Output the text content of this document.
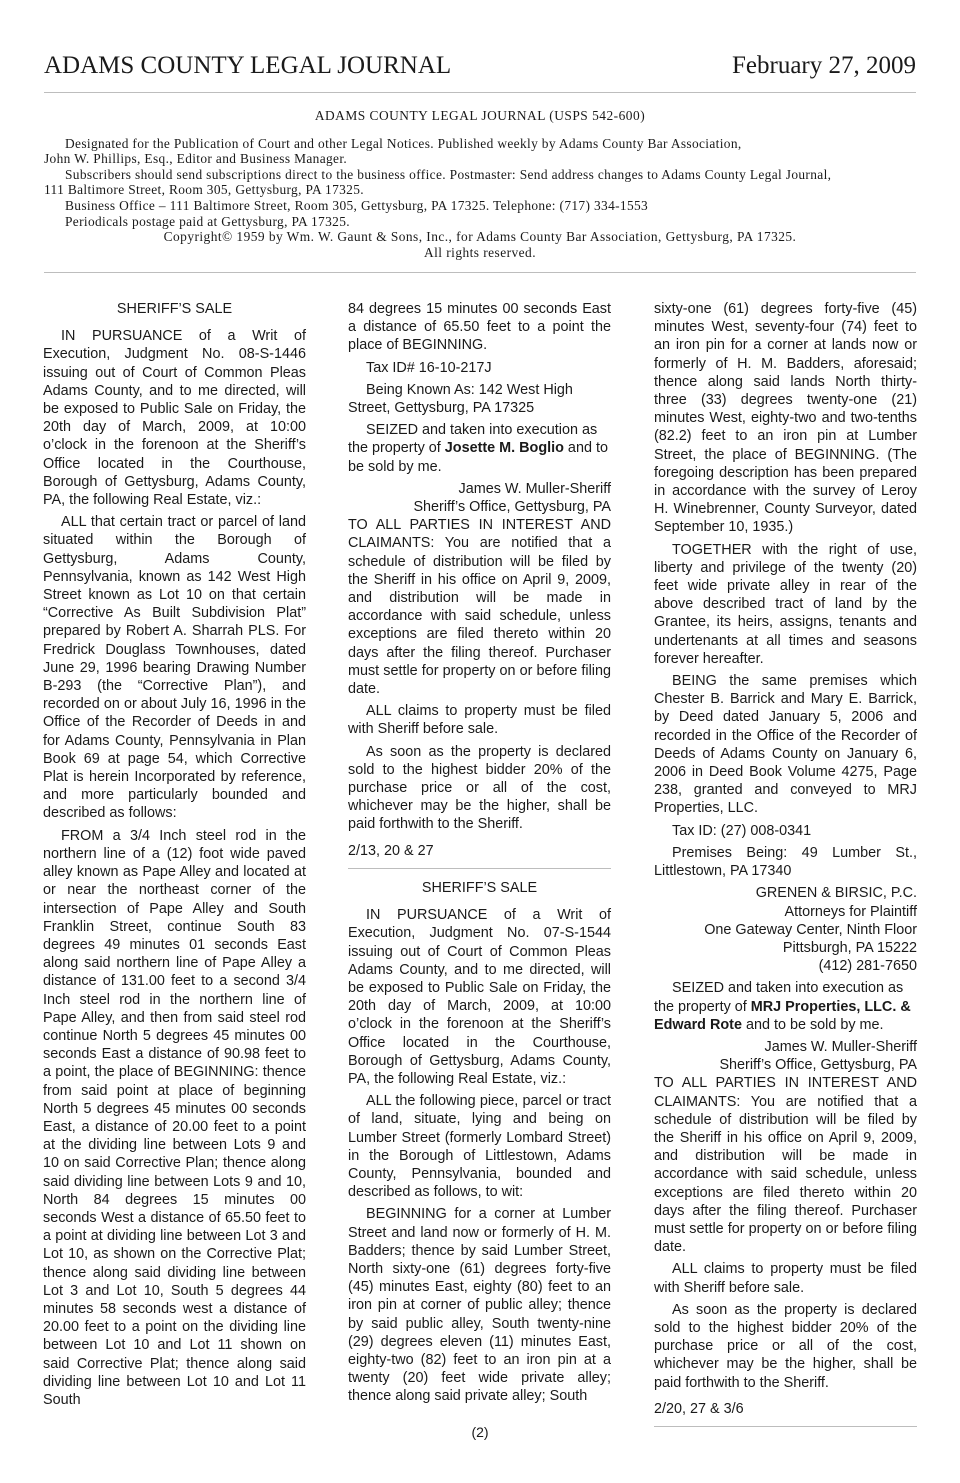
ADAMS COUNTY LEGAL JOURNAL	February 27, 2009
ADAMS COUNTY LEGAL JOURNAL (USPS 542-600)
Designated for the Publication of Court and other Legal Notices. Published weekly by Adams County Bar Association,
John W. Phillips, Esq., Editor and Business Manager.
Subscribers should send subscriptions direct to the business office. Postmaster: Send address changes to Adams County Legal Journal,
111 Baltimore Street, Room 305, Gettysburg, PA 17325.
Business Office – 111 Baltimore Street, Room 305, Gettysburg, PA 17325. Telephone: (717) 334-1553
Periodicals postage paid at Gettysburg, PA 17325.
Copyright© 1959 by Wm. W. Gaunt & Sons, Inc., for Adams County Bar Association, Gettysburg, PA 17325.
All rights reserved.
SHERIFF’S SALE

IN PURSUANCE of a Writ of Execution, Judgment No. 08-S-1446 issuing out of Court of Common Pleas Adams County, and to me directed, will be exposed to Public Sale on Friday, the 20th day of March, 2009, at 10:00 o’clock in the forenoon at the Sheriff’s Office located in the Courthouse, Borough of Gettysburg, Adams County, PA, the following Real Estate, viz.:

ALL that certain tract or parcel of land situated within the Borough of Gettysburg, Adams County, Pennsylvania, known as 142 West High Street known as Lot 10 on that certain “Corrective As Built Subdivision Plat” prepared by Robert A. Sharrah PLS. For Fredrick Douglass Townhouses, dated June 29, 1996 bearing Drawing Number B-293 (the “Corrective Plan”), and recorded on or about July 16, 1996 in the Office of the Recorder of Deeds in and for Adams County, Pennsylvania in Plan Book 69 at page 54, which Corrective Plat is herein Incorporated by reference, and more particularly bounded and described as follows:

FROM a 3/4 Inch steel rod in the northern line of a (12) foot wide paved alley known as Pape Alley and located at or near the northeast corner of the intersection of Pape Alley and South Franklin Street, continue South 83 degrees 49 minutes 01 seconds East along said northern line of Pape Alley a distance of 131.00 feet to a second 3/4 Inch steel rod in the northern line of Pape Alley, and then from said steel rod continue North 5 degrees 45 minutes 00 seconds East a distance of 90.98 feet to a point, the place of BEGINNING: thence from said point at place of beginning North 5 degrees 45 minutes 00 seconds East, a distance of 20.00 feet to a point at the dividing line between Lots 9 and 10 on said Corrective Plan; thence along said dividing line between Lots 9 and 10, North 84 degrees 15 minutes 00 seconds West a distance of 65.50 feet to a point at dividing line between Lot 3 and Lot 10, as shown on the Corrective Plat; thence along said dividing line between Lot 3 and Lot 10, South 5 degrees 44 minutes 58 seconds west a distance of 20.00 feet to a point on the dividing line between Lot 10 and Lot 11 shown on said Corrective Plat; thence along said dividing line between Lot 10 and Lot 11 South

84 degrees 15 minutes 00 seconds East a distance of 65.50 feet to a point the place of BEGINNING.

Tax ID# 16-10-217J

Being Known As: 142 West High Street, Gettysburg, PA 17325

SEIZED and taken into execution as the property of Josette M. Boglio and to be sold by me.

James W. Muller-Sheriff
Sheriff’s Office, Gettysburg, PA

TO ALL PARTIES IN INTEREST AND CLAIMANTS: You are notified that a schedule of distribution will be filed by the Sheriff in his office on April 9, 2009, and distribution will be made in accordance with said schedule, unless exceptions are filed thereto within 20 days after the filing thereof. Purchaser must settle for property on or before filing date.

ALL claims to property must be filed with Sheriff before sale.

As soon as the property is declared sold to the highest bidder 20% of the purchase price or all of the cost, whichever may be the higher, shall be paid forthwith to the Sheriff.

2/13, 20 & 27

SHERIFF’S SALE

IN PURSUANCE of a Writ of Execution, Judgment No. 07-S-1544 issuing out of Court of Common Pleas Adams County, and to me directed, will be exposed to Public Sale on Friday, the 20th day of March, 2009, at 10:00 o’clock in the forenoon at the Sheriff’s Office located in the Courthouse, Borough of Gettysburg, Adams County, PA, the following Real Estate, viz.:

ALL the following piece, parcel or tract of land, situate, lying and being on Lumber Street (formerly Lombard Street) in the Borough of Littlestown, Adams County, Pennsylvania, bounded and described as follows, to wit:

BEGINNING for a corner at Lumber Street and land now or formerly of H. M. Badders; thence by said Lumber Street, North sixty-one (61) degrees forty-five (45) minutes East, eighty (80) feet to an iron pin at corner of public alley; thence by said public alley, South twenty-nine (29) degrees eleven (11) minutes East, eighty-two (82) feet to an iron pin at a twenty (20) feet wide private alley; thence along said private alley; South

sixty-one (61) degrees forty-five (45) minutes West, seventy-four (74) feet to an iron pin for a corner at lands now or formerly of H. M. Badders, aforesaid; thence along said lands North thirty-three (33) degrees twenty-one (21) minutes West, eighty-two and two-tenths (82.2) feet to an iron pin at Lumber Street, the place of BEGINNING. (The foregoing description has been prepared in accordance with the survey of Leroy H. Winebrenner, County Surveyor, dated September 10, 1935.)

TOGETHER with the right of use, liberty and privilege of the twenty (20) feet wide private alley in rear of the above described tract of land by the Grantee, its heirs, assigns, tenants and undertenants at all times and seasons forever hereafter.

BEING the same premises which Chester B. Barrick and Mary E. Barrick, by Deed dated January 5, 2006 and recorded in the Office of the Recorder of Deeds of Adams County on January 6, 2006 in Deed Book Volume 4275, Page 238, granted and conveyed to MRJ Properties, LLC.

Tax ID: (27) 008-0341

Premises Being: 49 Lumber St., Littlestown, PA 17340

GRENEN & BIRSIC, P.C.
Attorneys for Plaintiff
One Gateway Center, Ninth Floor
Pittsburgh, PA 15222
(412) 281-7650

SEIZED and taken into execution as the property of MRJ Properties, LLC. & Edward Rote and to be sold by me.

James W. Muller-Sheriff
Sheriff’s Office, Gettysburg, PA

TO ALL PARTIES IN INTEREST AND CLAIMANTS: You are notified that a schedule of distribution will be filed by the Sheriff in his office on April 9, 2009, and distribution will be made in accordance with said schedule, unless exceptions are filed thereto within 20 days after the filing thereof. Purchaser must settle for property on or before filing date.

ALL claims to property must be filed with Sheriff before sale.

As soon as the property is declared sold to the highest bidder 20% of the purchase price or all of the cost, whichever may be the higher, shall be paid forthwith to the Sheriff.

2/20, 27 & 3/6

(2)
